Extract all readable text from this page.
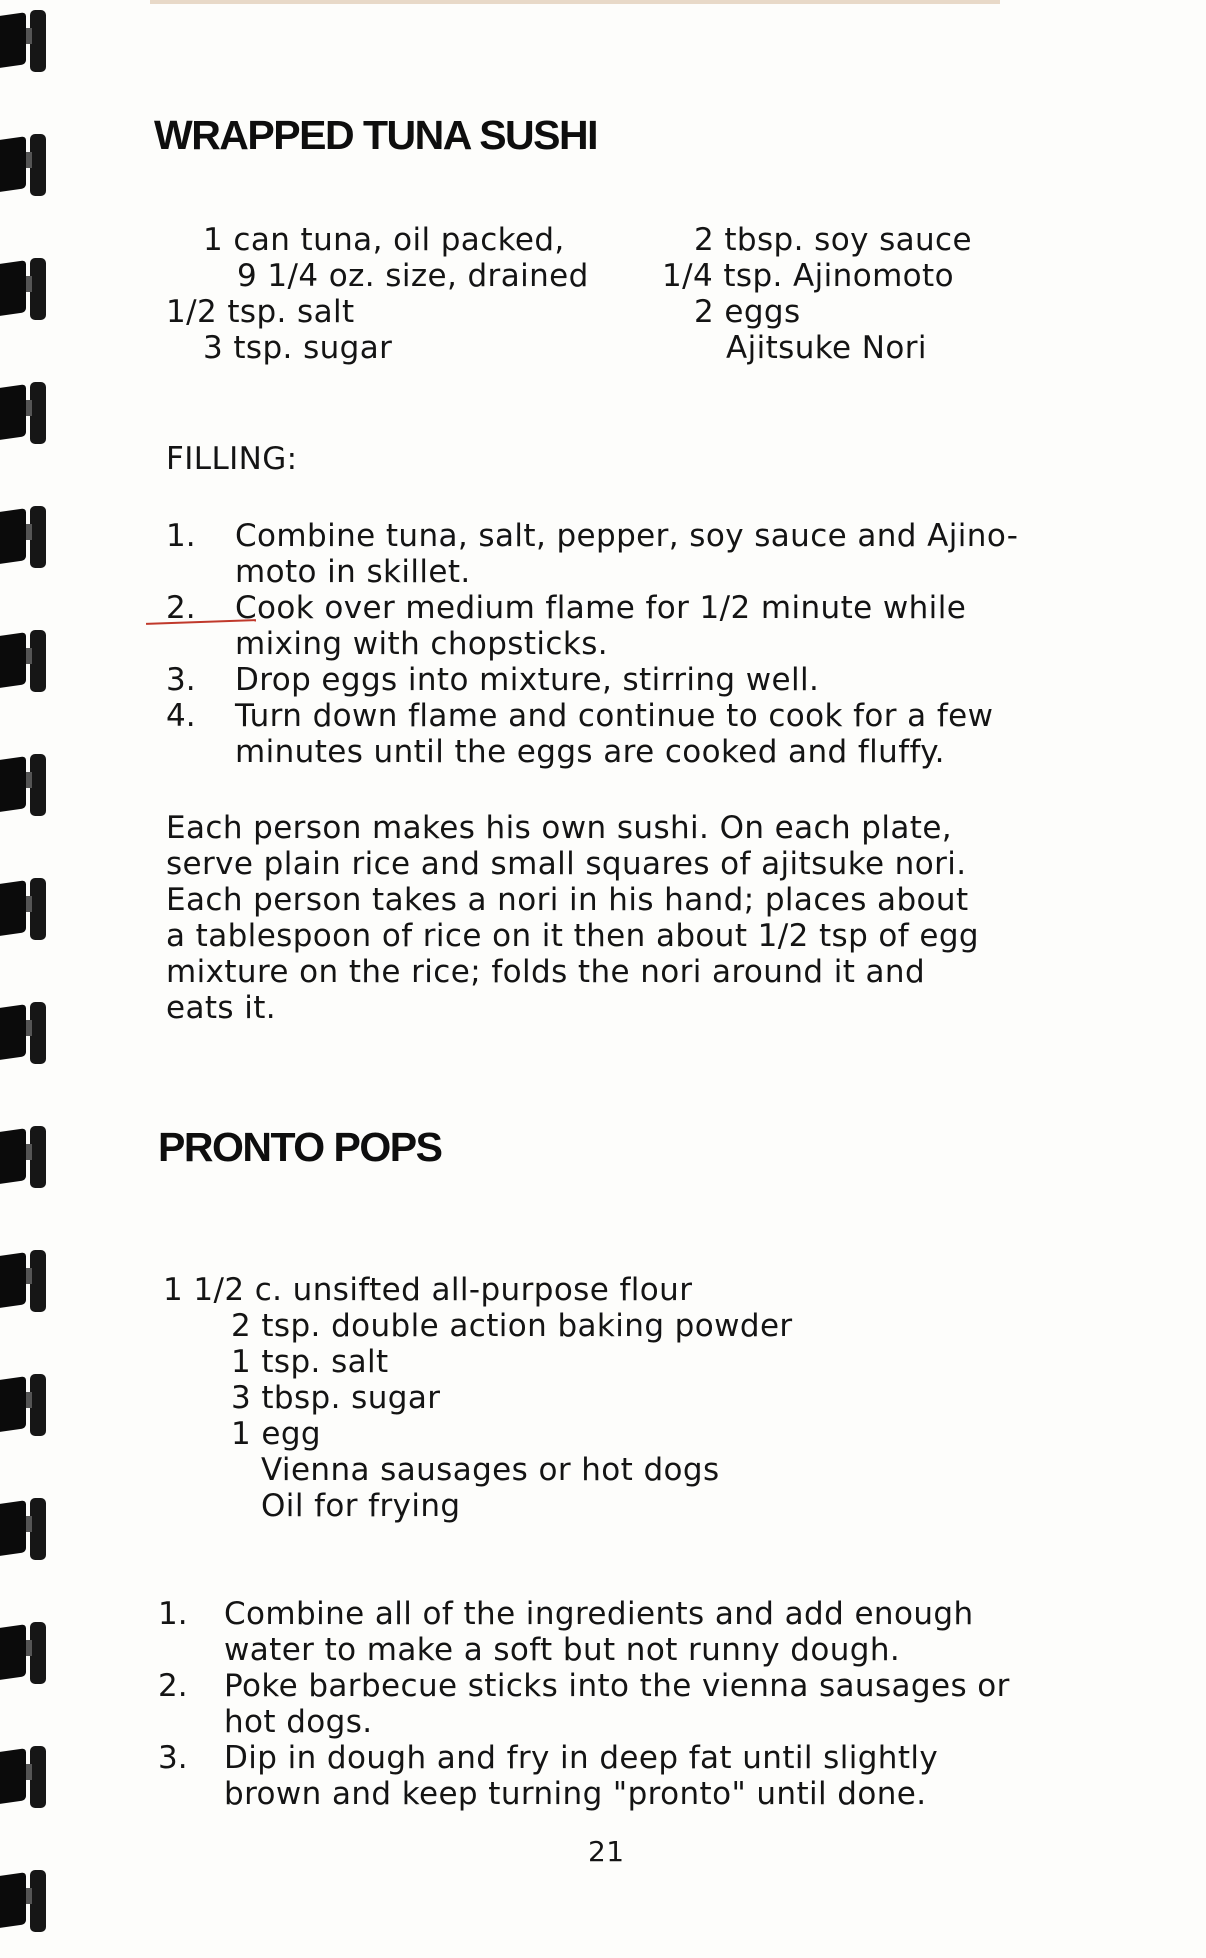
WRAPPED TUNA SUSHI

1 can tuna, oil packed,

9 1/4 oz. size, drained

1/2 tsp. salt

3 tsp. sugar

2 tbsp. soy sauce

1/4 tsp. Ajinomoto

2 eggs

Ajitsuke Nori

FILLING:

1. Combine tuna, salt, pepper, soy sauce and Ajino-

moto in skillet.

2. Cook over medium flame for 1/2 minute while

mixing with chopsticks.

3. Drop eggs into mixture, stirring well.

4. Turn down flame and continue to cook for a few

minutes until the eggs are cooked and fluffy.

Each person makes his own sushi. On each plate,

serve plain rice and small squares of ajitsuke nori.

Each person takes a nori in his hand; places about

a tablespoon of rice on it then about 1/2 tsp of egg

mixture on the rice; folds the nori around it and

eats it.

PRONTO POPS

1 1/2 c. unsifted all-purpose flour

2 tsp. double action baking powder

1 tsp. salt

3 tbsp. sugar

1 egg

Vienna sausages or hot dogs

Oil for frying

1. Combine all of the ingredients and add enough

water to make a soft but not runny dough.

2. Poke barbecue sticks into the vienna sausages or

hot dogs.

3. Dip in dough and fry in deep fat until slightly

brown and keep turning "pronto" until done.

21
